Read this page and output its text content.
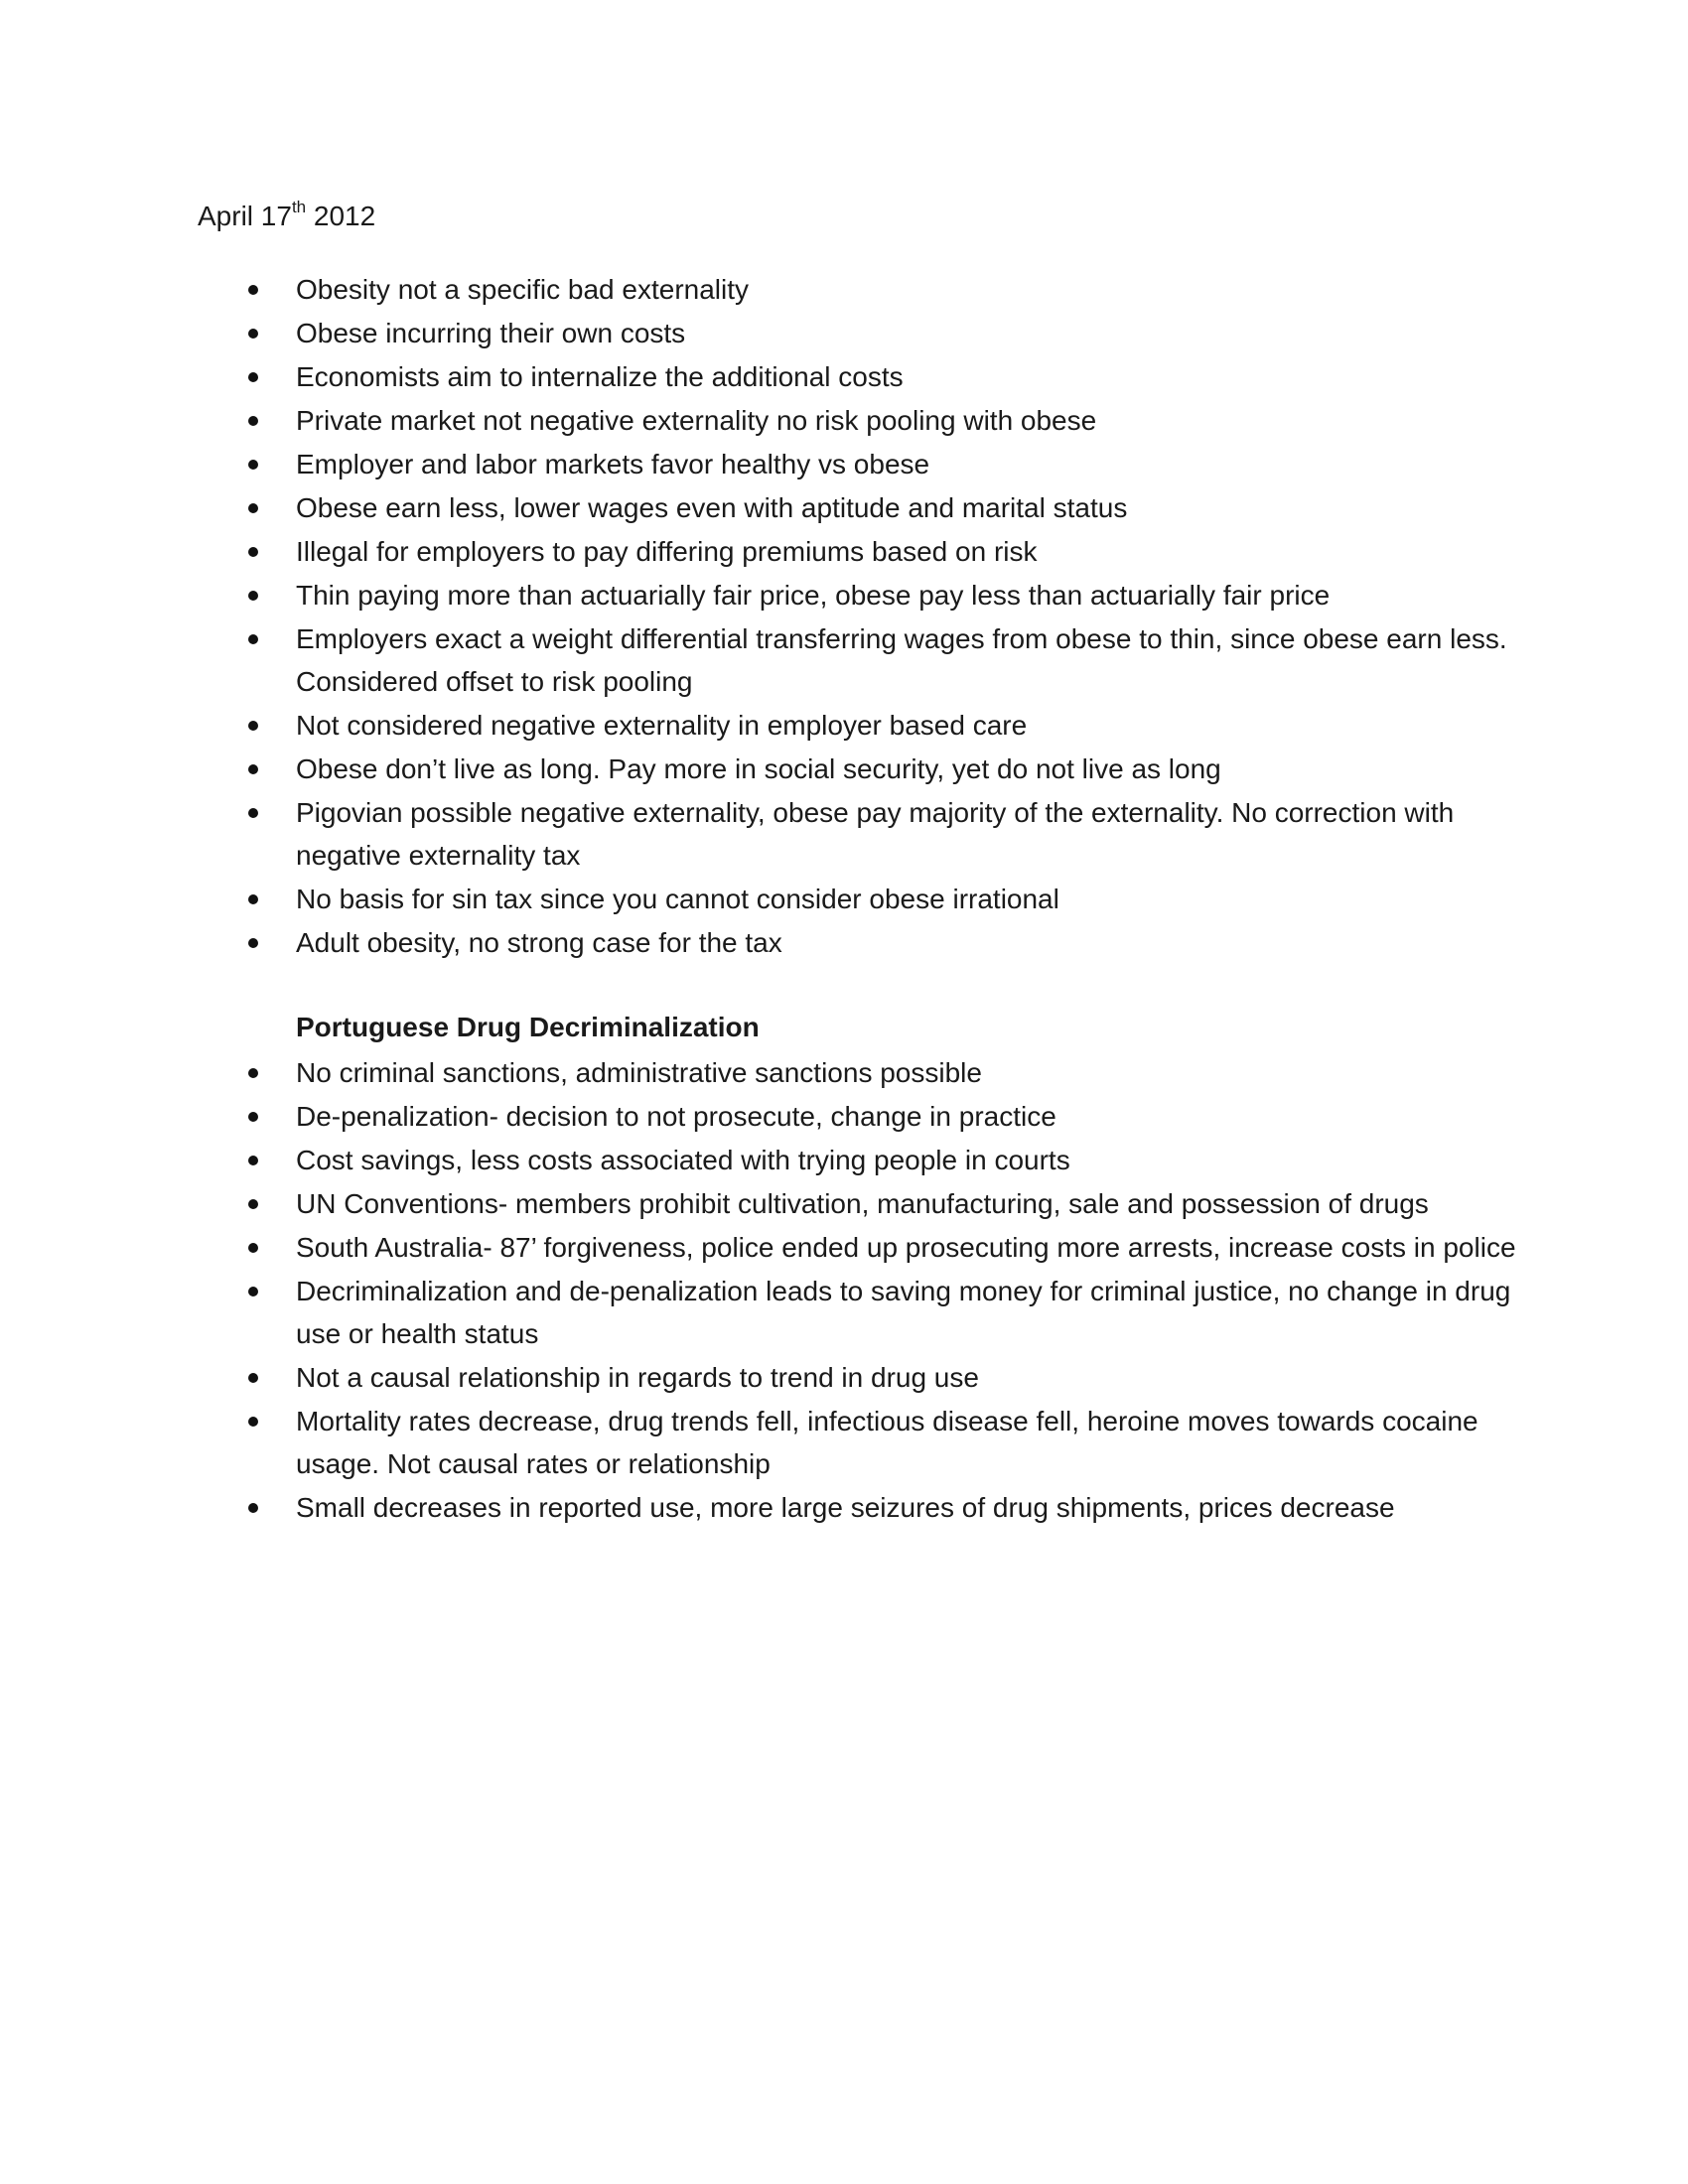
April 17th 2012
Obesity not a specific bad externality
Obese incurring their own costs
Economists aim to internalize the additional costs
Private market not negative externality no risk pooling with obese
Employer and labor markets favor healthy vs obese
Obese earn less, lower wages even with aptitude and marital status
Illegal for employers to pay differing premiums based on risk
Thin paying more than actuarially fair price, obese pay less than actuarially fair price
Employers exact a weight differential transferring wages from obese to thin, since obese earn less. Considered offset to risk pooling
Not considered negative externality in employer based care
Obese don’t live as long. Pay more in social security, yet do not live as long
Pigovian possible negative externality, obese pay majority of the externality. No correction with negative externality tax
No basis for sin tax since you cannot consider obese irrational
Adult obesity, no strong case for the tax
Portuguese Drug Decriminalization
No criminal sanctions, administrative sanctions possible
De-penalization- decision to not prosecute, change in practice
Cost savings, less costs associated with trying people in courts
UN Conventions- members prohibit cultivation, manufacturing, sale and possession of drugs
South Australia- 87’ forgiveness, police ended up prosecuting more arrests, increase costs in police
Decriminalization and de-penalization leads to saving money for criminal justice, no change in drug use or health status
Not a causal relationship in regards to trend in drug use
Mortality rates decrease, drug trends fell, infectious disease fell, heroine moves towards cocaine usage. Not causal rates or relationship
Small decreases in reported use, more large seizures of drug shipments, prices decrease
